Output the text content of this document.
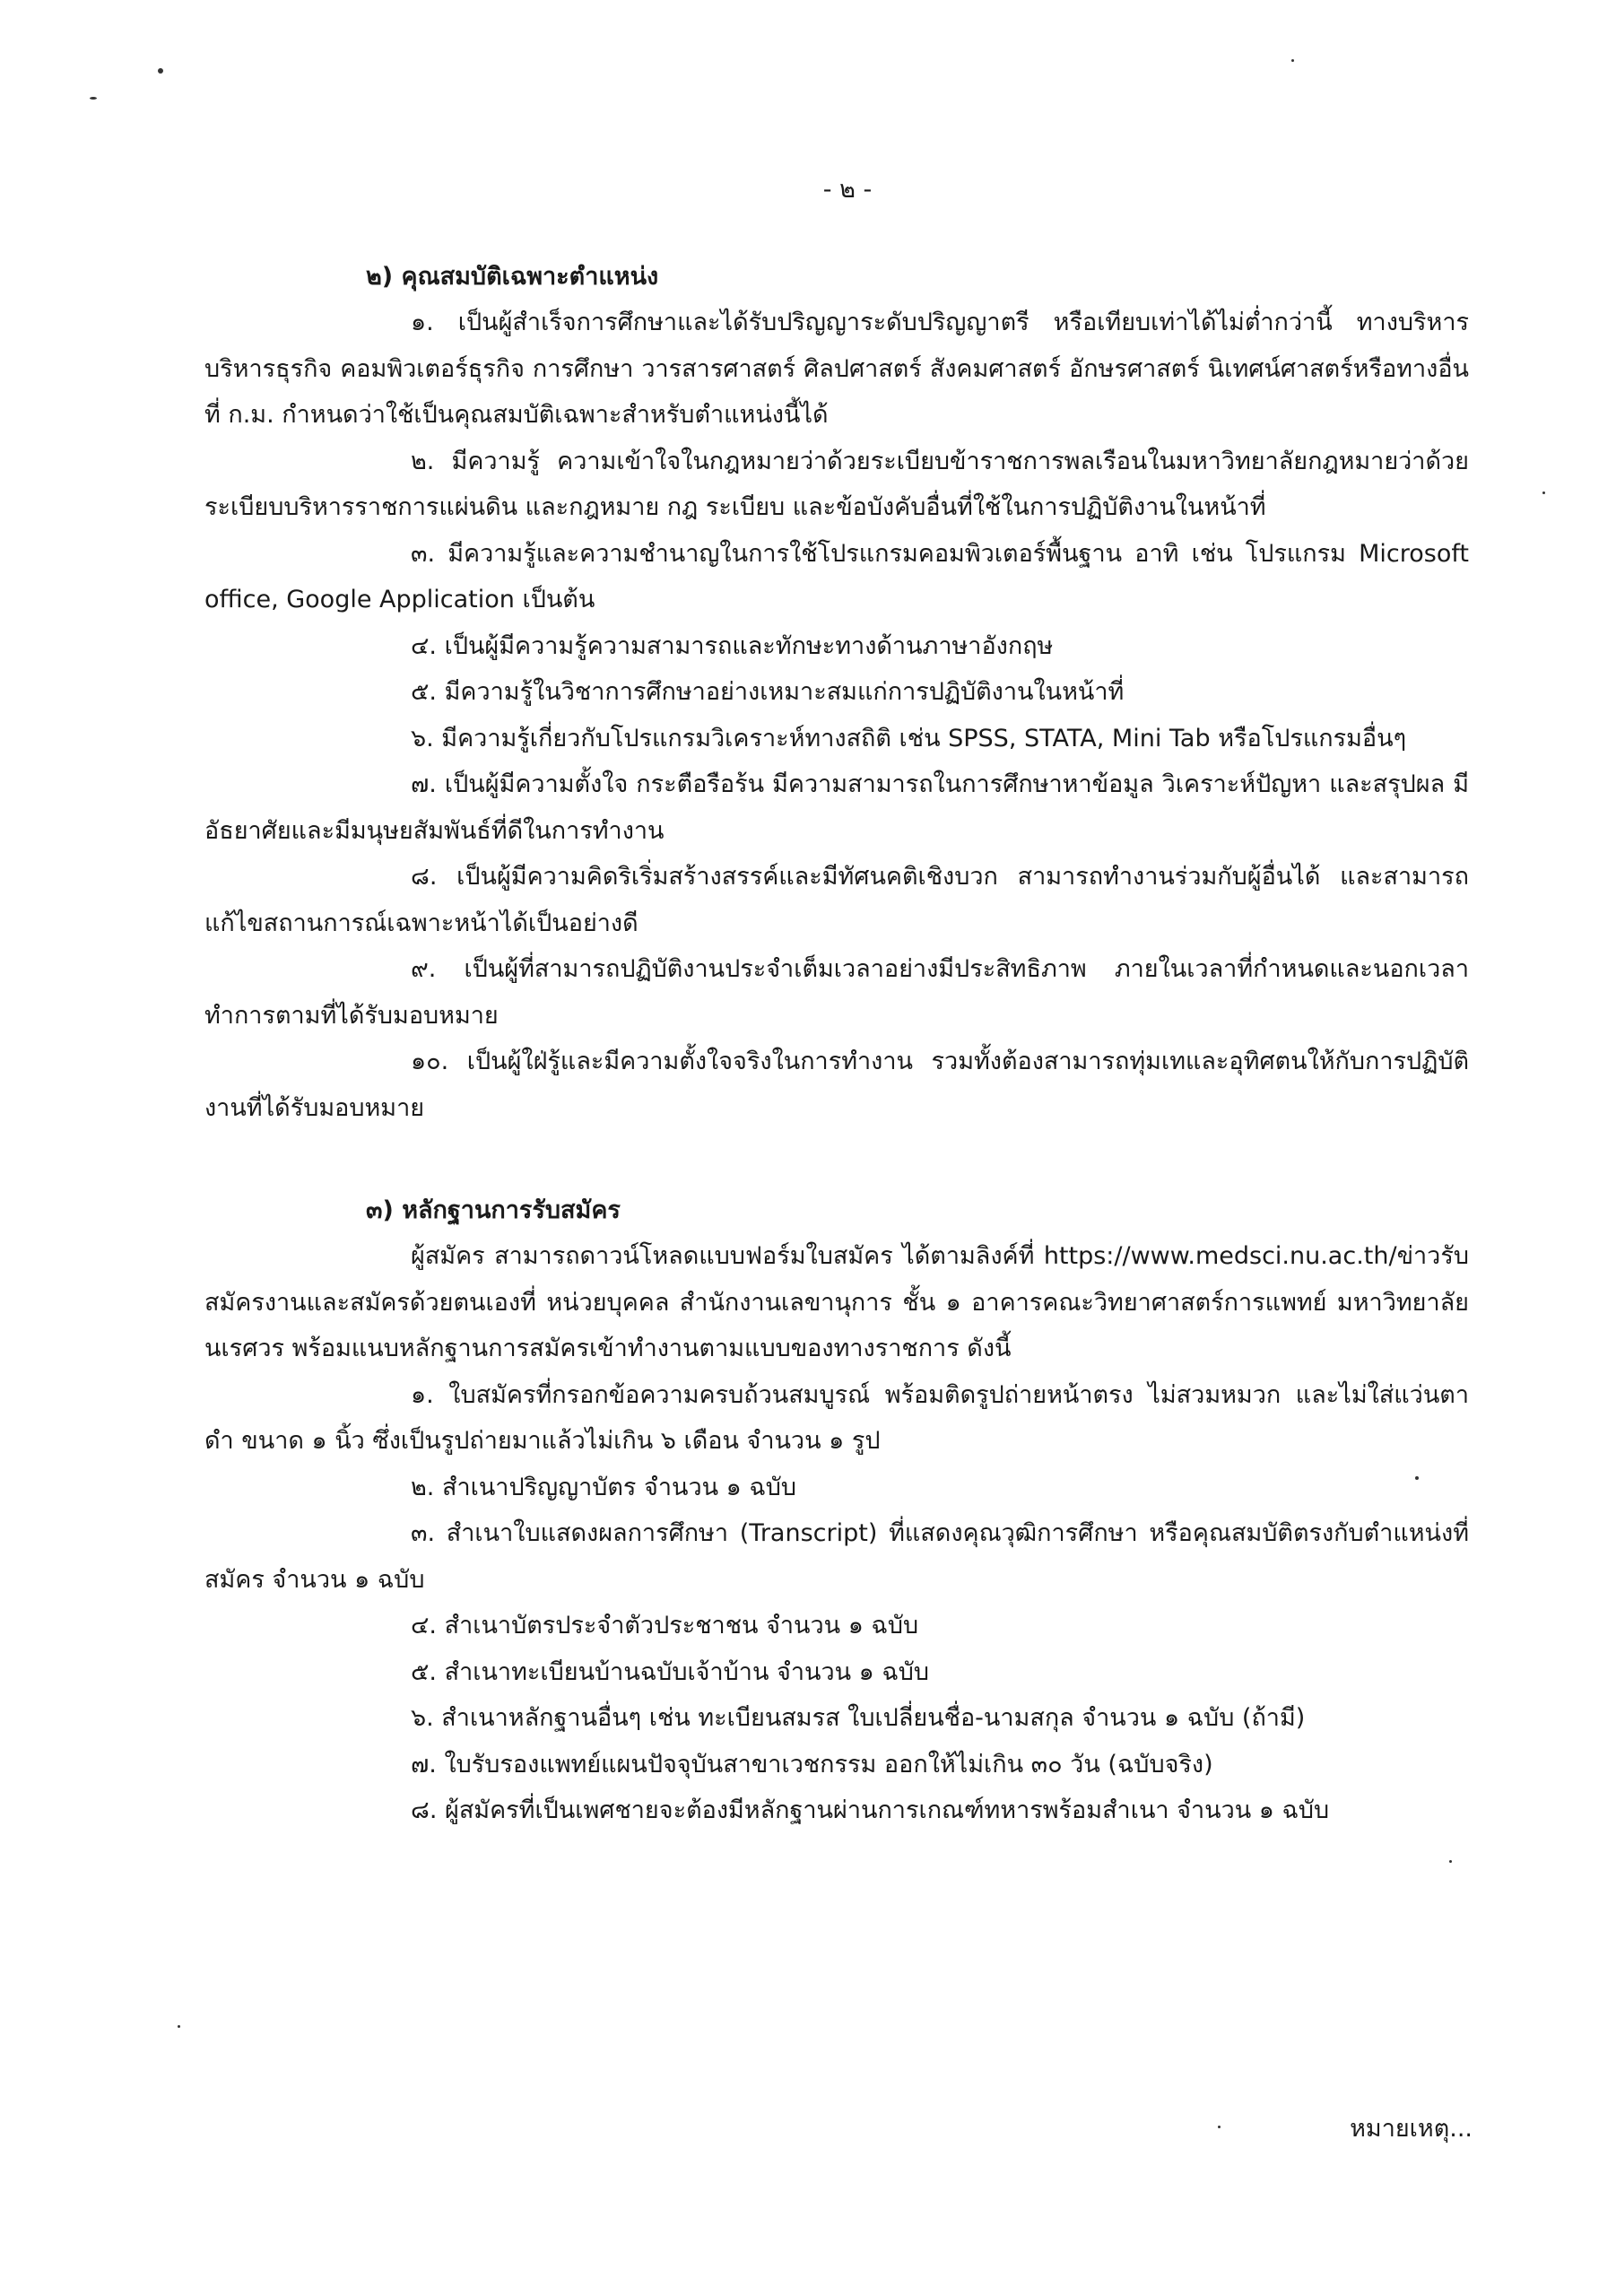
- ๒ -
๒) คุณสมบัติเฉพาะตำแหน่ง

๑. เป็นผู้สำเร็จการศึกษาและได้รับปริญญาระดับปริญญาตรี หรือเทียบเท่าได้ไม่ต่ำกว่านี้ ทางบริหาร บริหารธุรกิจ คอมพิวเตอร์ธุรกิจ การศึกษา วารสารศาสตร์ ศิลปศาสตร์ สังคมศาสตร์ อักษรศาสตร์ นิเทศน์ศาสตร์หรือทางอื่น ที่ ก.ม. กำหนดว่าใช้เป็นคุณสมบัติเฉพาะสำหรับตำแหน่งนี้ได้

๒. มีความรู้ ความเข้าใจในกฎหมายว่าด้วยระเบียบข้าราชการพลเรือนในมหาวิทยาลัยกฎหมายว่าด้วยระเบียบบริหารราชการแผ่นดิน และกฎหมาย กฎ ระเบียบ และข้อบังคับอื่นที่ใช้ในการปฏิบัติงานในหน้าที่

๓. มีความรู้และความชำนาญในการใช้โปรแกรมคอมพิวเตอร์พื้นฐาน อาทิ เช่น โปรแกรม Microsoft office, Google Application เป็นต้น

๔. เป็นผู้มีความรู้ความสามารถและทักษะทางด้านภาษาอังกฤษ

๕. มีความรู้ในวิชาการศึกษาอย่างเหมาะสมแก่การปฏิบัติงานในหน้าที่

๖. มีความรู้เกี่ยวกับโปรแกรมวิเคราะห์ทางสถิติ เช่น SPSS, STATA, Mini Tab หรือโปรแกรมอื่นๆ

๗. เป็นผู้มีความตั้งใจ กระตือรือร้น มีความสามารถในการศึกษาหาข้อมูล วิเคราะห์ปัญหา และสรุปผล มีอัธยาศัยและมีมนุษยสัมพันธ์ที่ดีในการทำงาน

๘. เป็นผู้มีความคิดริเริ่มสร้างสรรค์และมีทัศนคติเชิงบวก สามารถทำงานร่วมกับผู้อื่นได้ และสามารถแก้ไขสถานการณ์เฉพาะหน้าได้เป็นอย่างดี

๙. เป็นผู้ที่สามารถปฏิบัติงานประจำเต็มเวลาอย่างมีประสิทธิภาพ ภายในเวลาที่กำหนดและนอกเวลาทำการตามที่ได้รับมอบหมาย

๑๐. เป็นผู้ใฝ่รู้และมีความตั้งใจจริงในการทำงาน รวมทั้งต้องสามารถทุ่มเทและอุทิศตนให้กับการปฏิบัติงานที่ได้รับมอบหมาย

๓) หลักฐานการรับสมัคร

ผู้สมัคร สามารถดาวน์โหลดแบบฟอร์มใบสมัคร ได้ตามลิงค์ที่ https://www.medsci.nu.ac.th/ข่าวรับสมัครงานและสมัครด้วยตนเองที่ หน่วยบุคคล สำนักงานเลขานุการ ชั้น ๑ อาคารคณะวิทยาศาสตร์การแพทย์ มหาวิทยาลัยนเรศวร พร้อมแนบหลักฐานการสมัครเข้าทำงานตามแบบของทางราชการ ดังนี้

๑. ใบสมัครที่กรอกข้อความครบถ้วนสมบูรณ์ พร้อมติดรูปถ่ายหน้าตรง ไม่สวมหมวก และไม่ใส่แว่นตาดำ ขนาด ๑ นิ้ว ซึ่งเป็นรูปถ่ายมาแล้วไม่เกิน ๖ เดือน จำนวน ๑ รูป

๒. สำเนาปริญญาบัตร จำนวน ๑ ฉบับ

๓. สำเนาใบแสดงผลการศึกษา (Transcript) ที่แสดงคุณวุฒิการศึกษา หรือคุณสมบัติตรงกับตำแหน่งที่สมัคร จำนวน ๑ ฉบับ

๔. สำเนาบัตรประจำตัวประชาชน จำนวน ๑ ฉบับ

๕. สำเนาทะเบียนบ้านฉบับเจ้าบ้าน จำนวน ๑ ฉบับ

๖. สำเนาหลักฐานอื่นๆ เช่น ทะเบียนสมรส ใบเปลี่ยนชื่อ-นามสกุล จำนวน ๑ ฉบับ (ถ้ามี)

๗. ใบรับรองแพทย์แผนปัจจุบันสาขาเวชกรรม ออกให้ไม่เกิน ๓๐ วัน (ฉบับจริง)

๘. ผู้สมัครที่เป็นเพศชายจะต้องมีหลักฐานผ่านการเกณฑ์ทหารพร้อมสำเนา จำนวน ๑ ฉบับ

หมายเหตุ...
